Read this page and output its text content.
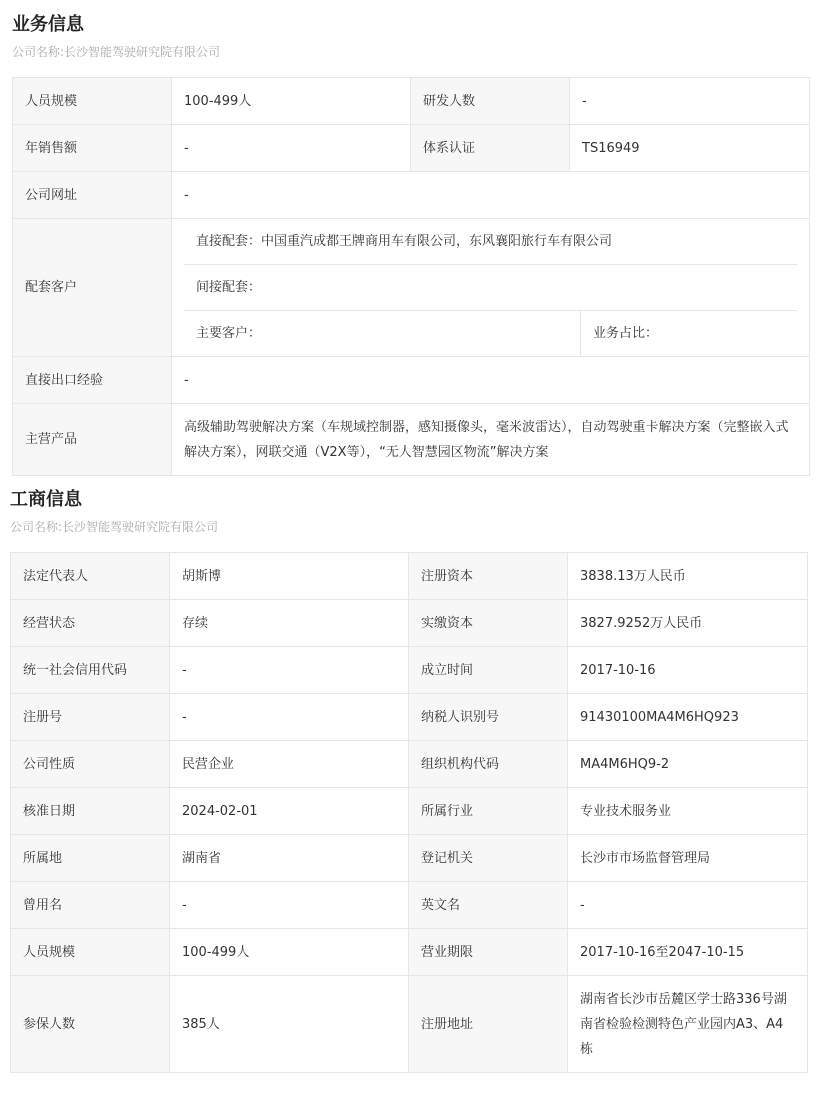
业务信息
公司名称:长沙智能驾驶研究院有限公司
人员规模	100-499人	研发人数	-
年销售额	-	体系认证	TS16949
公司网址	-		
配套客户	直接配套：中国重汽成都王牌商用车有限公司，东风襄阳旅行车有限公司
间接配套：
主要客户： 业务占比：		

直接出口经验	-		
主营产品	高级辅助驾驶解决方案（车规域控制器，感知摄像头，毫米波雷达），自动驾驶重卡解决方案（完整嵌入式解决方案），网联交通（V2X等），“无人智慧园区物流”解决方案		
工商信息
公司名称:长沙智能驾驶研究院有限公司
法定代表人	胡斯博	注册资本	3838.13万人民币
经营状态	存续	实缴资本	3827.9252万人民币
统一社会信用代码	-	成立时间	2017-10-16
注册号	-	纳税人识别号	91430100MA4M6HQ923
公司性质	民营企业	组织机构代码	MA4M6HQ9-2
核准日期	2024-02-01	所属行业	专业技术服务业
所属地	湖南省	登记机关	长沙市市场监督管理局
曾用名	-	英文名	-
人员规模	100-499人	营业期限	2017-10-16至2047-10-15
参保人数	385人	注册地址	湖南省长沙市岳麓区学士路336号湖南省检验检测特色产业园内A3、A4栋
